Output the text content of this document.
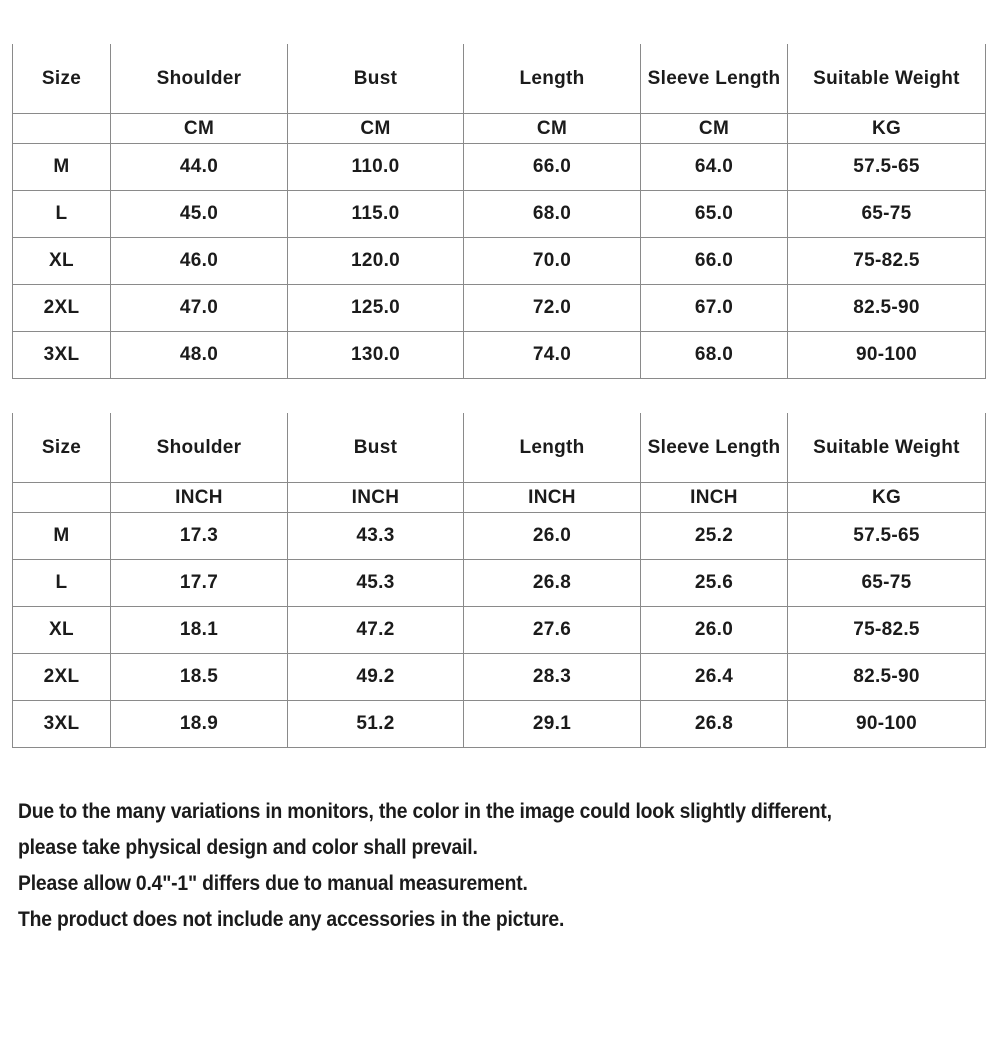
Size	Shoulder	Bust	Length	Sleeve Length	Suitable Weight
	CM	CM	CM	CM	KG
M	44.0	110.0	66.0	64.0	57.5-65
L	45.0	115.0	68.0	65.0	65-75
XL	46.0	120.0	70.0	66.0	75-82.5
2XL	47.0	125.0	72.0	67.0	82.5-90
3XL	48.0	130.0	74.0	68.0	90-100
Size	Shoulder	Bust	Length	Sleeve Length	Suitable Weight
	INCH	INCH	INCH	INCH	KG
M	17.3	43.3	26.0	25.2	57.5-65
L	17.7	45.3	26.8	25.6	65-75
XL	18.1	47.2	27.6	26.0	75-82.5
2XL	18.5	49.2	28.3	26.4	82.5-90
3XL	18.9	51.2	29.1	26.8	90-100
Due to the many variations in monitors, the color in the image could look slightly different,
please take physical design and color shall prevail.
Please allow 0.4"-1" differs due to manual measurement.
The product does not include any accessories in the picture.
